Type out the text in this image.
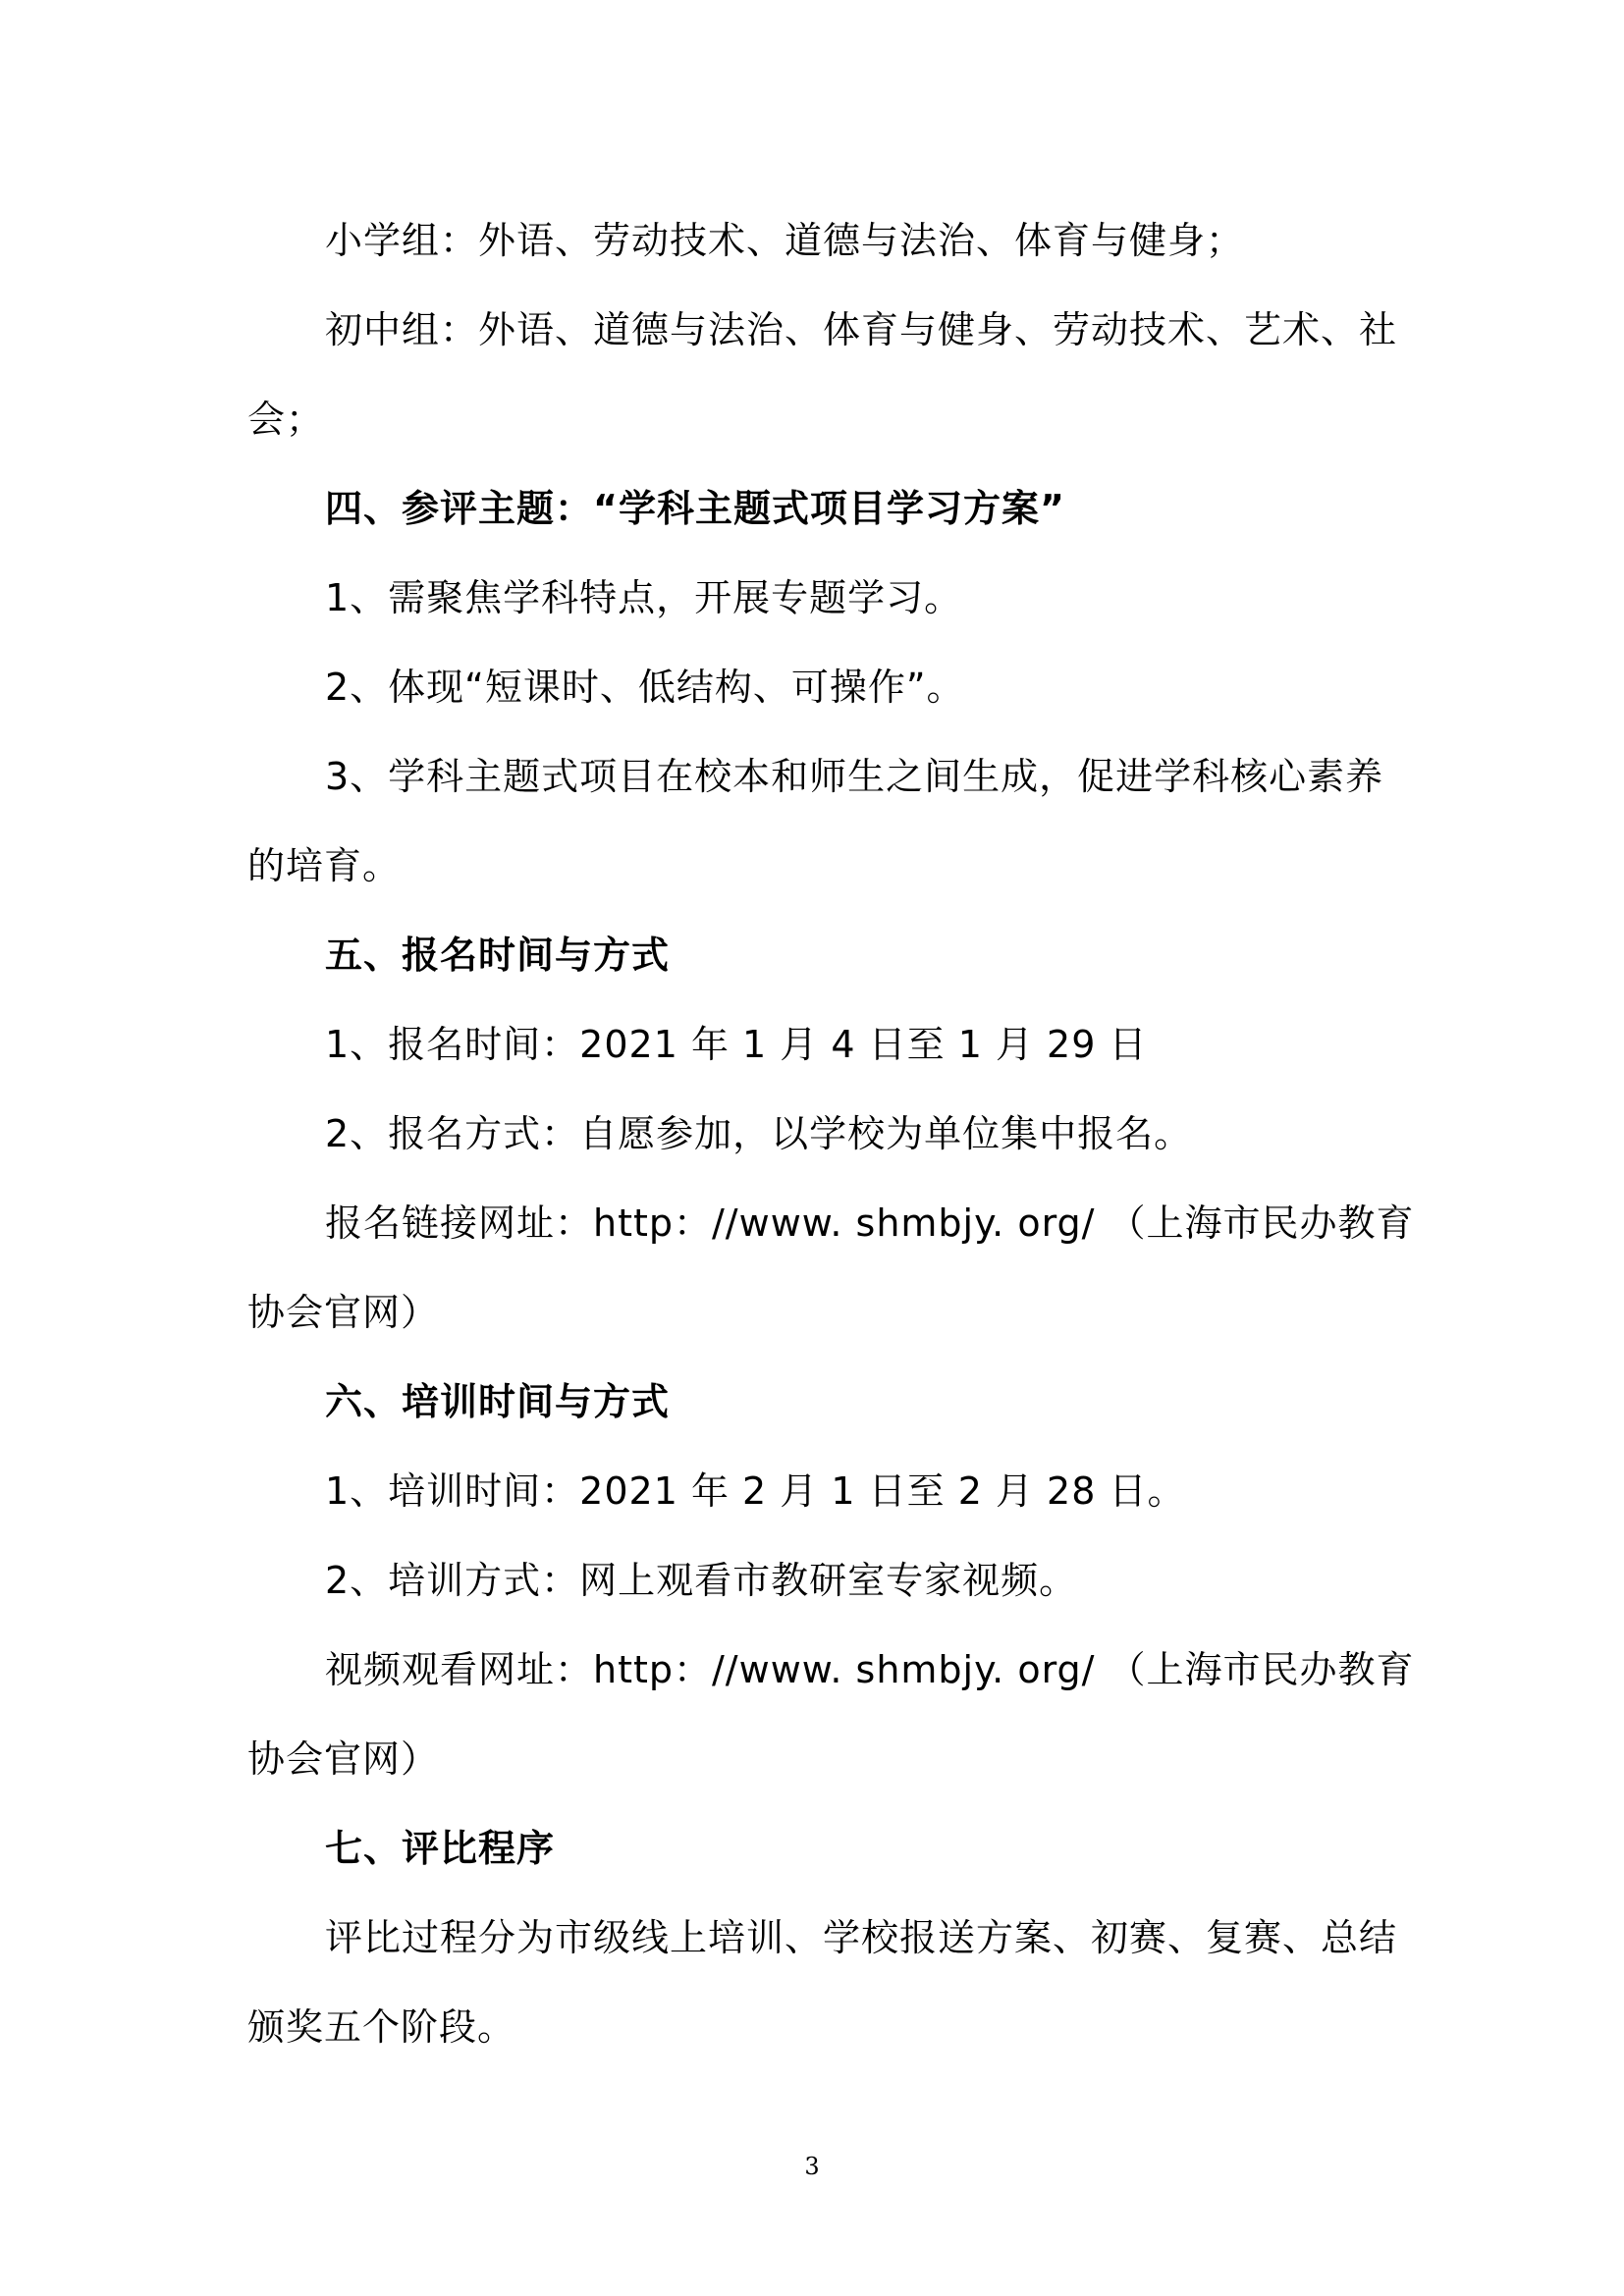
小学组：外语、劳动技术、道德与法治、体育与健身；
初中组：外语、道德与法治、体育与健身、劳动技术、艺术、社
会；
四、参评主题：“学科主题式项目学习方案”
1、需聚焦学科特点，开展专题学习。
2、体现“短课时、低结构、可操作”。
3、学科主题式项目在校本和师生之间生成，促进学科核心素养
的培育。
五、报名时间与方式
1、报名时间：2021 年 1 月 4 日至 1 月 29 日
2、报名方式：自愿参加，以学校为单位集中报名。
报名链接网址：http：//www. shmbjy. org/ （上海市民办教育
协会官网）
六、培训时间与方式
1、培训时间：2021 年 2 月 1 日至 2 月 28 日。
2、培训方式：网上观看市教研室专家视频。
视频观看网址：http：//www. shmbjy. org/ （上海市民办教育
协会官网）
七、评比程序
评比过程分为市级线上培训、学校报送方案、初赛、复赛、总结
颁奖五个阶段。
3
